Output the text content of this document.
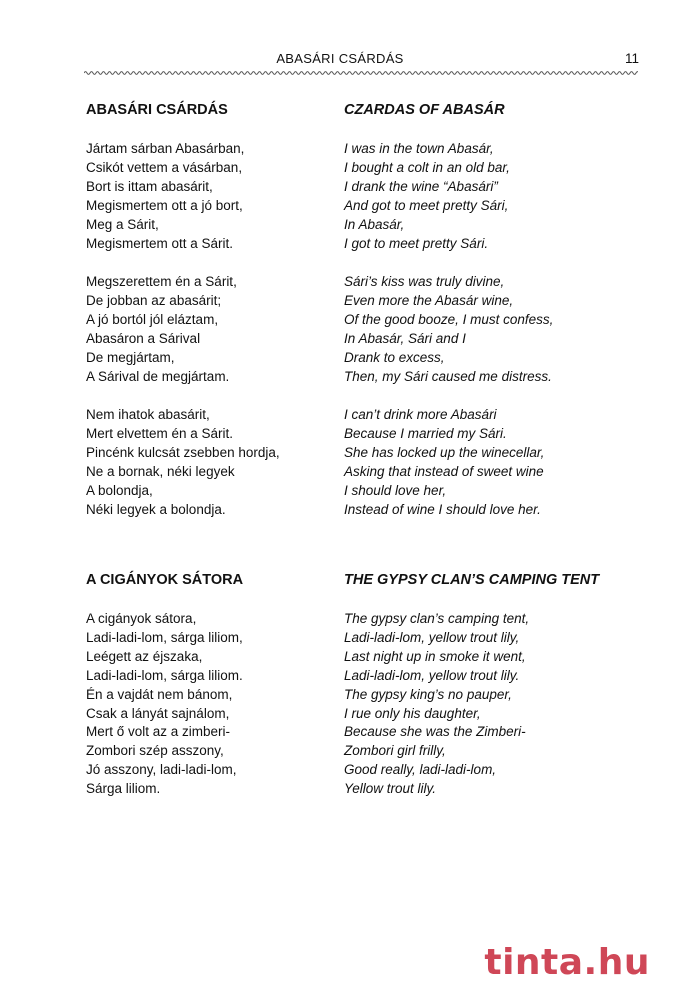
ABASÁRI CSÁRDÁS	11
ABASÁRI CSÁRDÁS
Jártam sárban Abasárban,
Csikót vettem a vásárban,
Bort is ittam abasárit,
Megismertem ott a jó bort,
Meg a Sárit,
Megismertem ott a Sárit.
Megszerettem én a Sárit,
De jobban az abasárit;
A jó bortól jól eláztam,
Abasáron a Sárival
De megjártam,
A Sárival de megjártam.
Nem ihatok abasárit,
Mert elvettem én a Sárit.
Pincénk kulcsát zsebben hordja,
Ne a bornak, néki legyek
A bolondja,
Néki legyek a bolondja.
CZARDAS OF ABASÁR
I was in the town Abasár,
I bought a colt in an old bar,
I drank the wine “Abasári”
And got to meet pretty Sári,
In Abasár,
I got to meet pretty Sári.
Sári’s kiss was truly divine,
Even more the Abasár wine,
Of the good booze, I must confess,
In Abasár, Sári and I
Drank to excess,
Then, my Sári caused me distress.
I can’t drink more Abasári
Because I married my Sári.
She has locked up the winecellar,
Asking that instead of sweet wine
I should love her,
Instead of wine I should love her.
A CIGÁNYOK SÁTORA
A cigányok sátora,
Ladi-ladi-lom, sárga liliom,
Leégett az éjszaka,
Ladi-ladi-lom, sárga liliom.
Én a vajdát nem bánom,
Csak a lányát sajnálom,
Mert ő volt az a zimberi-
Zombori szép asszony,
Jó asszony, ladi-ladi-lom,
Sárga liliom.
THE GYPSY CLAN’S CAMPING TENT
The gypsy clan’s camping tent,
Ladi-ladi-lom, yellow trout lily,
Last night up in smoke it went,
Ladi-ladi-lom, yellow trout lily.
The gypsy king’s no pauper,
I rue only his daughter,
Because she was the Zimberi-
Zombori girl frilly,
Good really, ladi-ladi-lom,
Yellow trout lily.
tinta.hu
